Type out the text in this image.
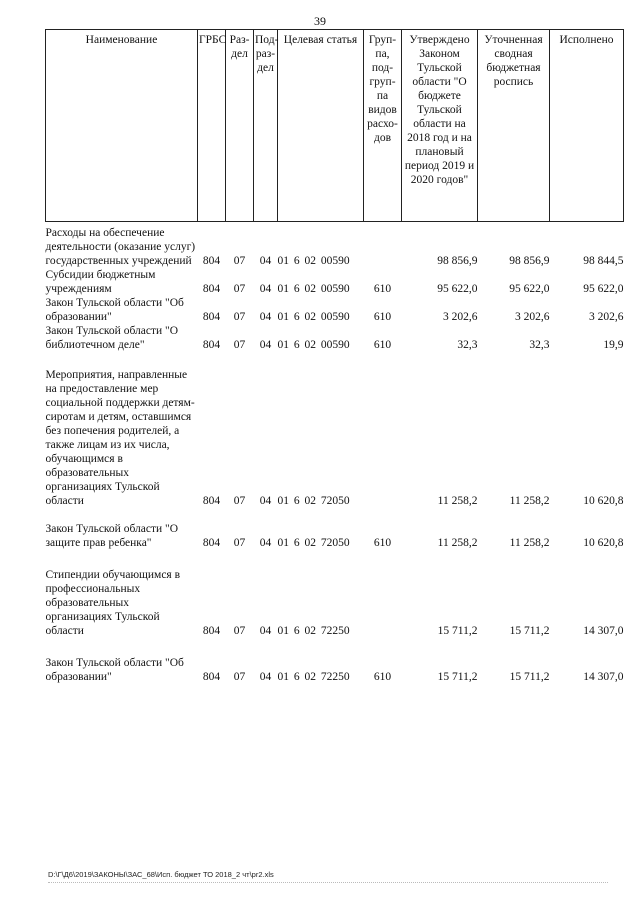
39
Наименование	ГРБС	Раз-дел	Под-раз-дел	Целевая статья	Груп-па, под-груп-па видов расхо-дов	Утверждено Законом Тульской области "О бюджете Тульской области на 2018 год и на плановый период 2019 и 2020 годов"	Уточненная сводная бюджетная роспись	Исполнено
Расходы на обеспечение деятельности (оказание услуг) государственных учреждений	804	07	04	01 6 02 00590		98 856,9	98 856,9	98 844,5
Субсидии бюджетным учреждениям	804	07	04	01 6 02 00590	610	95 622,0	95 622,0	95 622,0
Закон Тульской области "Об образовании"	804	07	04	01 6 02 00590	610	3 202,6	3 202,6	3 202,6
Закон Тульской области "О библиотечном деле"	804	07	04	01 6 02 00590	610	32,3	32,3	19,9

Мероприятия, направленные на предоставление мер социальной поддержки детям-сиротам и детям, оставшимся без попечения родителей, а также лицам из их числа, обучающимся в образовательных организациях Тульской области	804	07	04	01 6 02 72050		11 258,2	11 258,2	10 620,8

Закон Тульской области "О защите прав ребенка"	804	07	04	01 6 02 72050	610	11 258,2	11 258,2	10 620,8

Стипендии обучающимся в профессиональных образовательных организациях Тульской области	804	07	04	01 6 02 72250		15 711,2	15 711,2	14 307,0

Закон Тульской области "Об образовании"	804	07	04	01 6 02 72250	610	15 711,2	15 711,2	14 307,0
D:\Г\Д6\2019\ЗАКОНЫ\ЗАС_68\Исп. бюджет ТО 2018_2 чт\pr2.xls
